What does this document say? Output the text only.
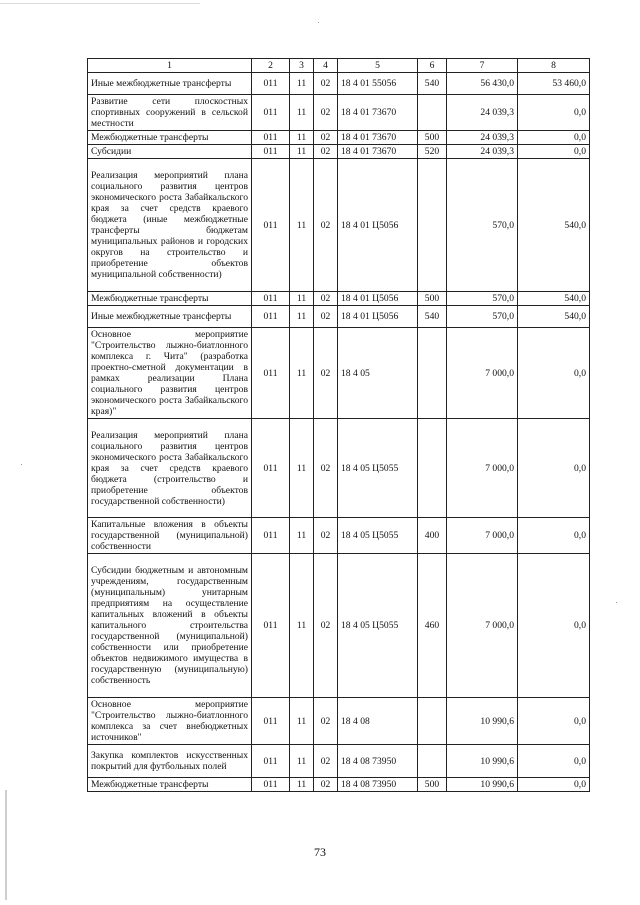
1	2	3	4	5	6	7	8
Иные межбюджетные трансферты	011	11	02	18 4 01 55056	540	56 430,0	53 460,0
Развитие сети плоскостных спортивных сооружений в сельской местности	011	11	02	18 4 01 73670		24 039,3	0,0
Межбюджетные трансферты	011	11	02	18 4 01 73670	500	24 039,3	0,0
Субсидии	011	11	02	18 4 01 73670	520	24 039,3	0,0
Реализация мероприятий плана социального развития центров экономического роста Забайкальского края за счет средств краевого бюджета (иные межбюджетные трансферты бюджетам муниципальных районов и городских округов на строительство и приобретение объектов муниципальной собственности)	011	11	02	18 4 01 Ц5056		570,0	540,0
Межбюджетные трансферты	011	11	02	18 4 01 Ц5056	500	570,0	540,0
Иные межбюджетные трансферты	011	11	02	18 4 01 Ц5056	540	570,0	540,0
Основное мероприятие "Строительство лыжно-биатлонного комплекса г. Чита" (разработка проектно-сметной документации в рамках реализации Плана социального развития центров экономического роста Забайкальского края)"	011	11	02	18 4 05		7 000,0	0,0
Реализация мероприятий плана социального развития центров экономического роста Забайкальского края за счет средств краевого бюджета (строительство и приобретение объектов государственной собственности)	011	11	02	18 4 05 Ц5055		7 000,0	0,0
Капитальные вложения в объекты государственной (муниципальной) собственности	011	11	02	18 4 05 Ц5055	400	7 000,0	0,0
Субсидии бюджетным и автономным учреждениям, государственным (муниципальным) унитарным предприятиям на осуществление капитальных вложений в объекты капитального строительства государственной (муниципальной) собственности или приобретение объектов недвижимого имущества в государственную (муниципальную) собственность	011	11	02	18 4 05 Ц5055	460	7 000,0	0,0
Основное мероприятие "Строительство лыжно-биатлонного комплекса за счет внебюджетных источников"	011	11	02	18 4 08		10 990,6	0,0
Закупка комплектов искусственных покрытий для футбольных полей	011	11	02	18 4 08 73950		10 990,6	0,0
Межбюджетные трансферты	011	11	02	18 4 08 73950	500	10 990,6	0,0
73
